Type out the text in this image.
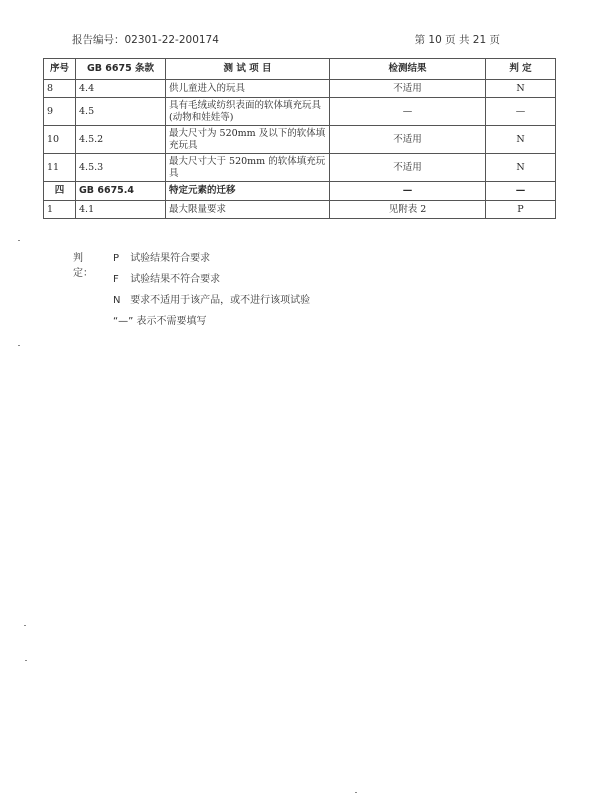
报告编号：02301-22-200174	第 10 页 共 21 页
序号	GB 6675 条款	测 试 项 目	检测结果	判 定
8	4.4	供儿童进入的玩具	不适用	N
9	4.5	具有毛绒或纺织表面的软体填充玩具(动物和娃娃等)	—	—
10	4.5.2	最大尺寸为 520mm 及以下的软体填充玩具	不适用	N
11	4.5.3	最大尺寸大于 520mm 的软体填充玩具	不适用	N
四	GB 6675.4	特定元素的迁移	—	—
1	4.1	最大限量要求	见附表 2	P
判定：
P 试验结果符合要求
F 试验结果不符合要求
N 要求不适用于该产品，或不进行该项试验
“—” 表示不需要填写
